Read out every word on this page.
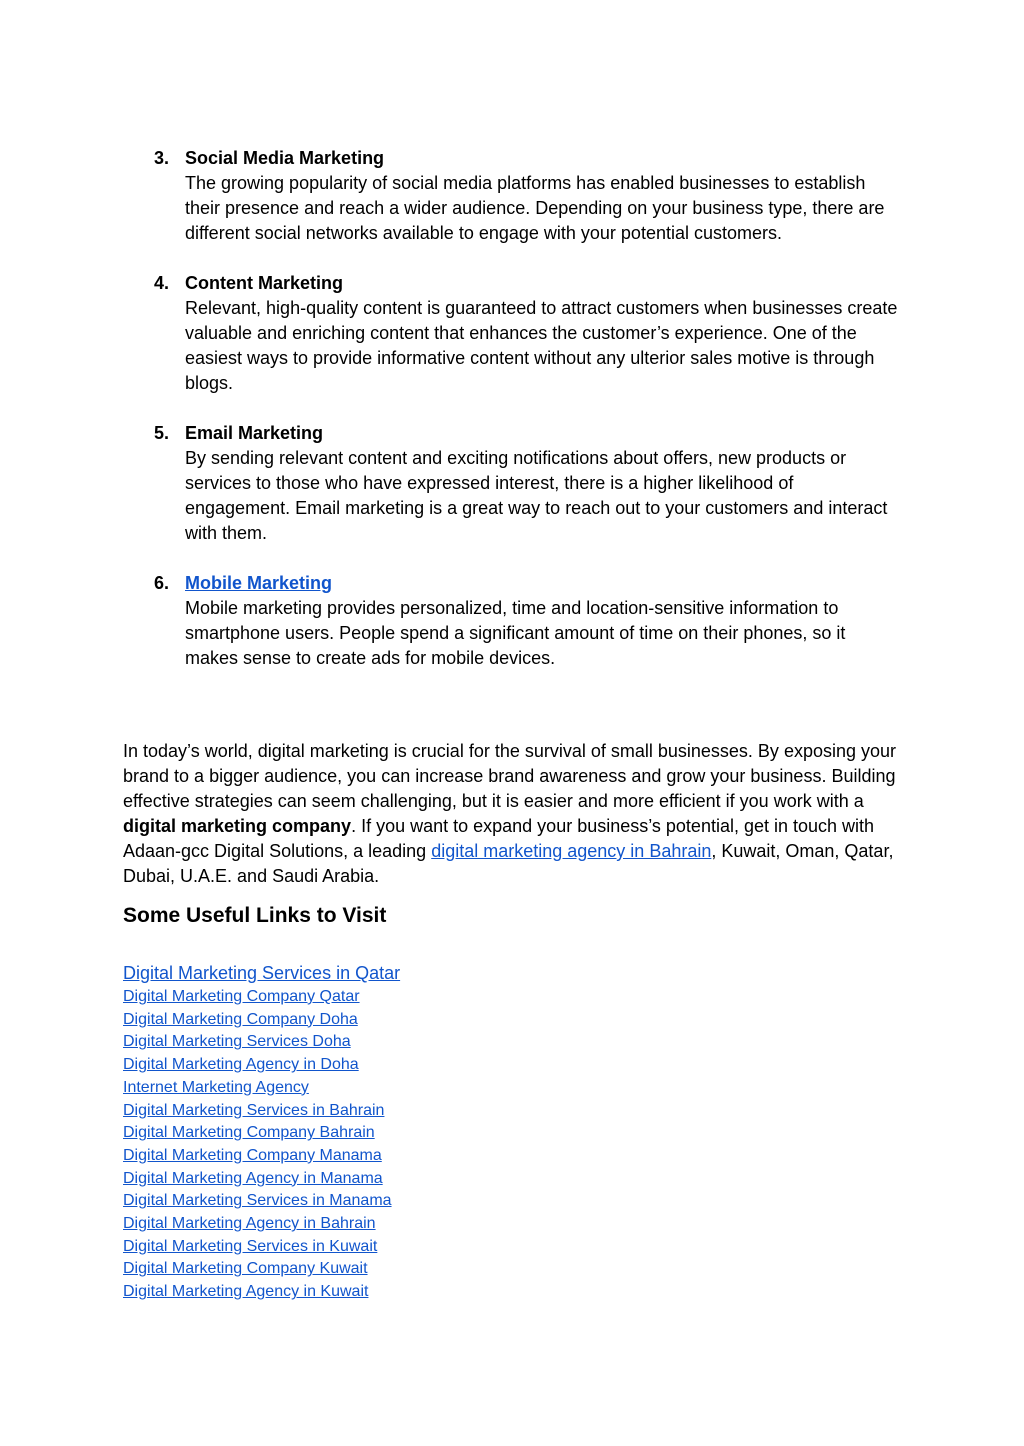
3. Social Media Marketing
The growing popularity of social media platforms has enabled businesses to establish their presence and reach a wider audience. Depending on your business type, there are different social networks available to engage with your potential customers.
4. Content Marketing
Relevant, high-quality content is guaranteed to attract customers when businesses create valuable and enriching content that enhances the customer’s experience. One of the easiest ways to provide informative content without any ulterior sales motive is through blogs.
5. Email Marketing
By sending relevant content and exciting notifications about offers, new products or services to those who have expressed interest, there is a higher likelihood of engagement. Email marketing is a great way to reach out to your customers and interact with them.
6. Mobile Marketing
Mobile marketing provides personalized, time and location-sensitive information to smartphone users. People spend a significant amount of time on their phones, so it makes sense to create ads for mobile devices.

In today’s world, digital marketing is crucial for the survival of small businesses. By exposing your brand to a bigger audience, you can increase brand awareness and grow your business. Building effective strategies can seem challenging, but it is easier and more efficient if you work with a digital marketing company. If you want to expand your business’s potential, get in touch with Adaan-gcc Digital Solutions, a leading digital marketing agency in Bahrain, Kuwait, Oman, Qatar, Dubai, U.A.E. and Saudi Arabia.

Some Useful Links to Visit
Digital Marketing Services in Qatar
Digital Marketing Company Qatar
Digital Marketing Company Doha
Digital Marketing Services Doha
Digital Marketing Agency in Doha
Internet Marketing Agency
Digital Marketing Services in Bahrain
Digital Marketing Company Bahrain
Digital Marketing Company Manama
Digital Marketing Agency in Manama
Digital Marketing Services in Manama
Digital Marketing Agency in Bahrain
Digital Marketing Services in Kuwait
Digital Marketing Company Kuwait
Digital Marketing Agency in Kuwait
